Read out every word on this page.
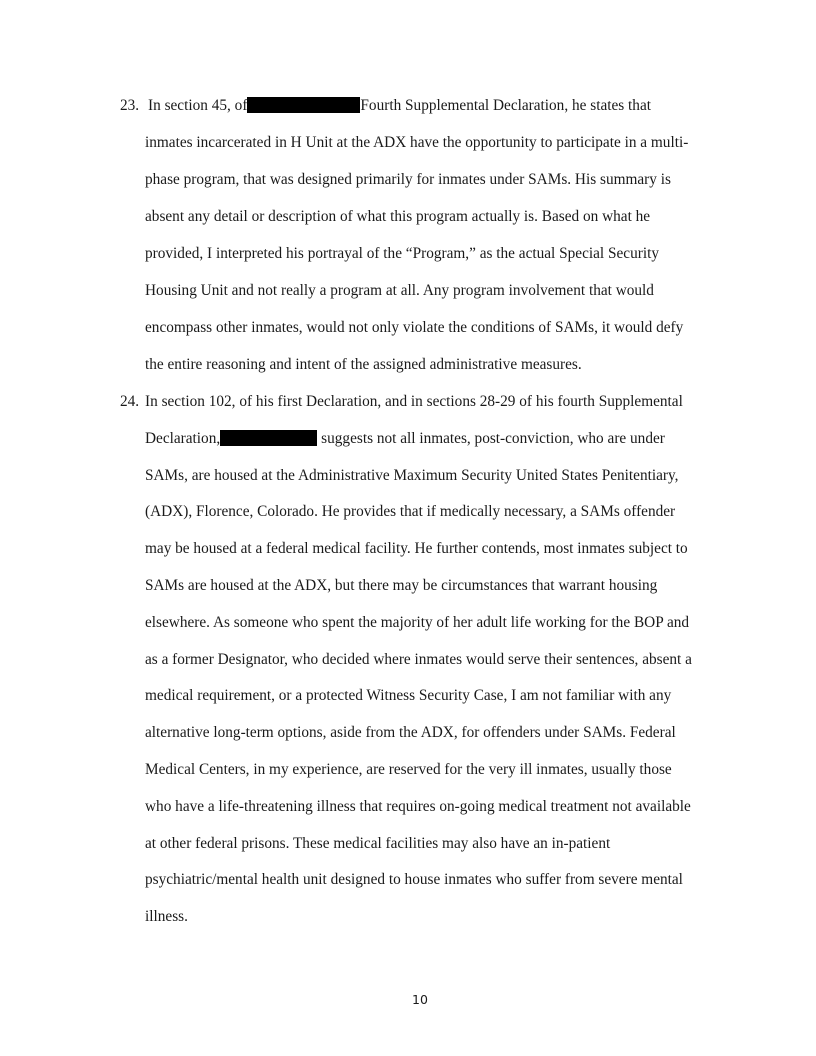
23. In section 45, of	Fourth Supplemental Declaration, he states that
inmates incarcerated in H Unit at the ADX have the opportunity to participate in a multi-
phase program, that was designed primarily for inmates under SAMs. His summary is
absent any detail or description of what this program actually is. Based on what he
provided, I interpreted his portrayal of the “Program,” as the actual Special Security
Housing Unit and not really a program at all. Any program involvement that would
encompass other inmates, would not only violate the conditions of SAMs, it would defy
the entire reasoning and intent of the assigned administrative measures.
24. In section 102, of his first Declaration, and in sections 28-29 of his fourth Supplemental
Declaration,	suggests not all inmates, post-conviction, who are under
SAMs, are housed at the Administrative Maximum Security United States Penitentiary,
(ADX), Florence, Colorado. He provides that if medically necessary, a SAMs offender
may be housed at a federal medical facility. He further contends, most inmates subject to
SAMs are housed at the ADX, but there may be circumstances that warrant housing
elsewhere. As someone who spent the majority of her adult life working for the BOP and
as a former Designator, who decided where inmates would serve their sentences, absent a
medical requirement, or a protected Witness Security Case, I am not familiar with any
alternative long-term options, aside from the ADX, for offenders under SAMs. Federal
Medical Centers, in my experience, are reserved for the very ill inmates, usually those
who have a life-threatening illness that requires on-going medical treatment not available
at other federal prisons. These medical facilities may also have an in-patient
psychiatric/mental health unit designed to house inmates who suffer from severe mental
illness.
10
